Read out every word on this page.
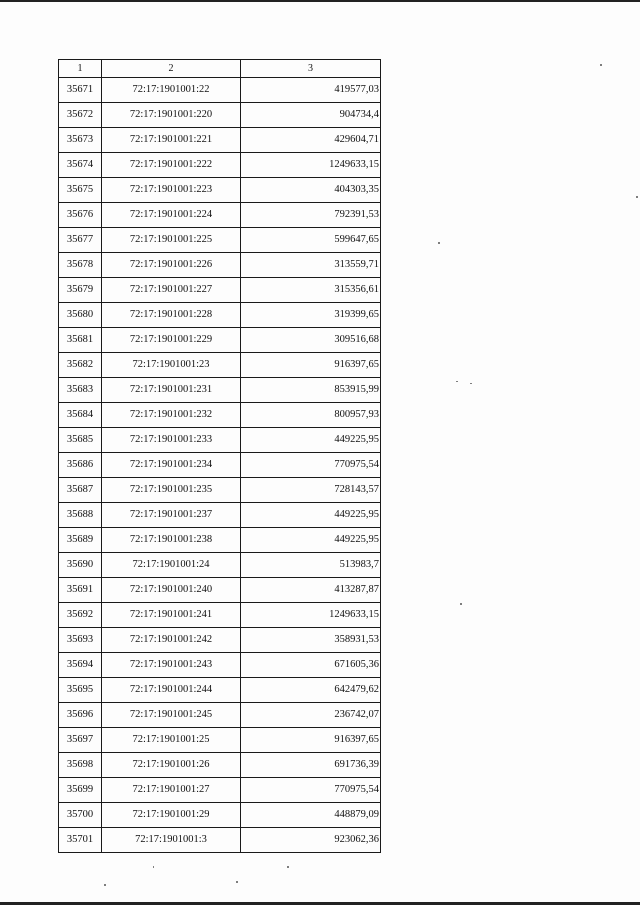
1	2	3
35671	72:17:1901001:22	419577,03
35672	72:17:1901001:220	904734,4
35673	72:17:1901001:221	429604,71
35674	72:17:1901001:222	1249633,15
35675	72:17:1901001:223	404303,35
35676	72:17:1901001:224	792391,53
35677	72:17:1901001:225	599647,65
35678	72:17:1901001:226	313559,71
35679	72:17:1901001:227	315356,61
35680	72:17:1901001:228	319399,65
35681	72:17:1901001:229	309516,68
35682	72:17:1901001:23	916397,65
35683	72:17:1901001:231	853915,99
35684	72:17:1901001:232	800957,93
35685	72:17:1901001:233	449225,95
35686	72:17:1901001:234	770975,54
35687	72:17:1901001:235	728143,57
35688	72:17:1901001:237	449225,95
35689	72:17:1901001:238	449225,95
35690	72:17:1901001:24	513983,7
35691	72:17:1901001:240	413287,87
35692	72:17:1901001:241	1249633,15
35693	72:17:1901001:242	358931,53
35694	72:17:1901001:243	671605,36
35695	72:17:1901001:244	642479,62
35696	72:17:1901001:245	236742,07
35697	72:17:1901001:25	916397,65
35698	72:17:1901001:26	691736,39
35699	72:17:1901001:27	770975,54
35700	72:17:1901001:29	448879,09
35701	72:17:1901001:3	923062,36
